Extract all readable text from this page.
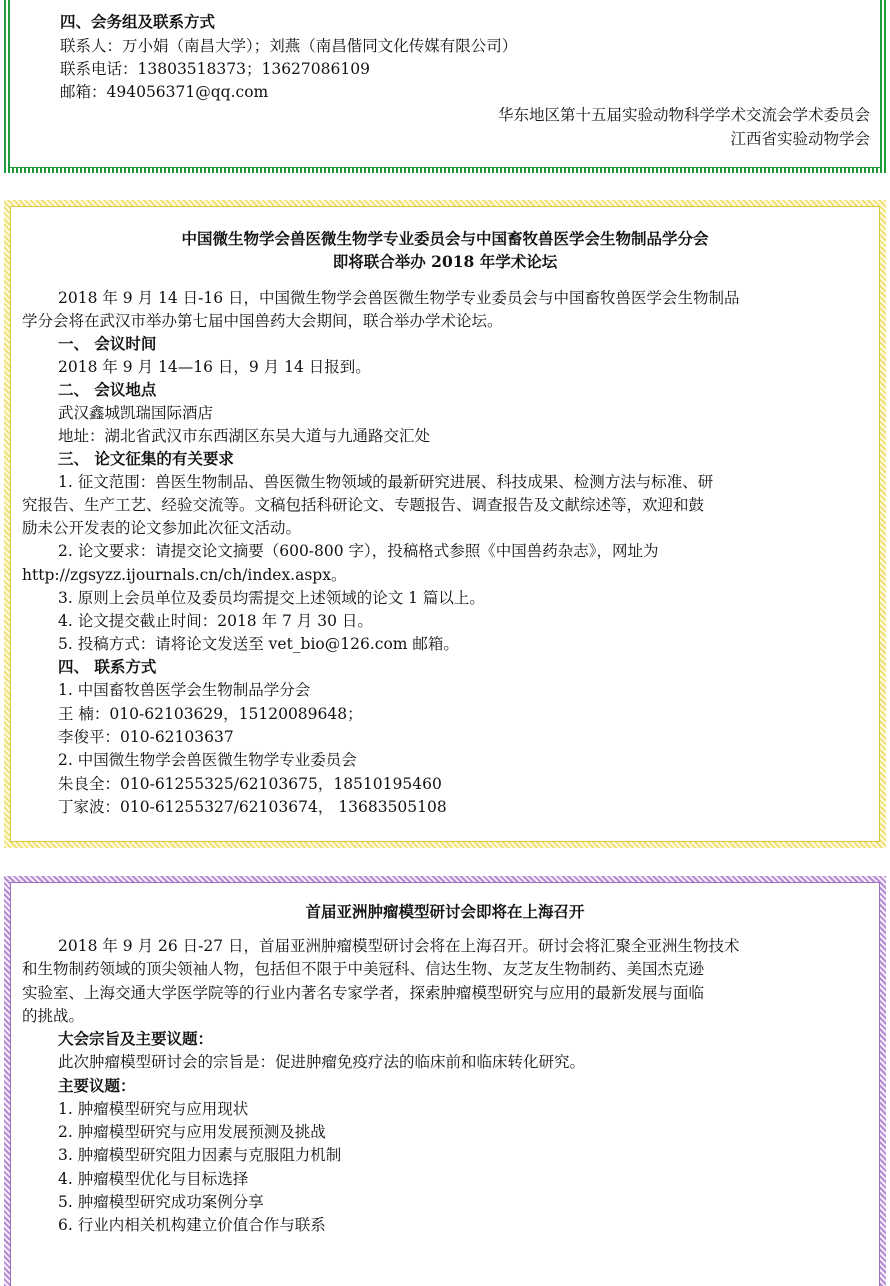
四、会务组及联系方式
联系人：万小娟（南昌大学）；刘燕（南昌偕同文化传媒有限公司）
联系电话：13803518373；13627086109
邮箱：494056371@qq.com
华东地区第十五届实验动物科学学术交流会学术委员会
江西省实验动物学会
中国微生物学会兽医微生物学专业委员会与中国畜牧兽医学会生物制品学分会
即将联合举办 2018 年学术论坛
2018 年 9 月 14 日-16 日，中国微生物学会兽医微生物学专业委员会与中国畜牧兽医学会生物制品
学分会将在武汉市举办第七届中国兽药大会期间，联合举办学术论坛。
一、 会议时间
2018 年 9 月 14—16 日，9 月 14 日报到。
二、 会议地点
武汉鑫城凯瑞国际酒店
地址：湖北省武汉市东西湖区东吴大道与九通路交汇处
三、 论文征集的有关要求
1. 征文范围：兽医生物制品、兽医微生物领域的最新研究进展、科技成果、检测方法与标准、研
究报告、生产工艺、经验交流等。文稿包括科研论文、专题报告、调查报告及文献综述等，欢迎和鼓
励未公开发表的论文参加此次征文活动。
2. 论文要求：请提交论文摘要（600-800 字），投稿格式参照《中国兽药杂志》，网址为
http://zgsyzz.ijournals.cn/ch/index.aspx。
3. 原则上会员单位及委员均需提交上述领域的论文 1 篇以上。
4. 论文提交截止时间：2018 年 7 月 30 日。
5. 投稿方式：请将论文发送至 vet_bio@126.com 邮箱。
四、 联系方式
1. 中国畜牧兽医学会生物制品学分会
王 楠：010-62103629，15120089648；
李俊平：010-62103637
2. 中国微生物学会兽医微生物学专业委员会
朱良全：010-61255325/62103675，18510195460
丁家波：010-61255327/62103674， 13683505108
首届亚洲肿瘤模型研讨会即将在上海召开
2018 年 9 月 26 日-27 日，首届亚洲肿瘤模型研讨会将在上海召开。研讨会将汇聚全亚洲生物技术
和生物制药领域的顶尖领袖人物，包括但不限于中美冠科、信达生物、友芝友生物制药、美国杰克逊
实验室、上海交通大学医学院等的行业内著名专家学者，探索肿瘤模型研究与应用的最新发展与面临
的挑战。
大会宗旨及主要议题：
此次肿瘤模型研讨会的宗旨是：促进肿瘤免疫疗法的临床前和临床转化研究。
主要议题：
1. 肿瘤模型研究与应用现状
2. 肿瘤模型研究与应用发展预测及挑战
3. 肿瘤模型研究阻力因素与克服阻力机制
4. 肿瘤模型优化与目标选择
5. 肿瘤模型研究成功案例分享
6. 行业内相关机构建立价值合作与联系
